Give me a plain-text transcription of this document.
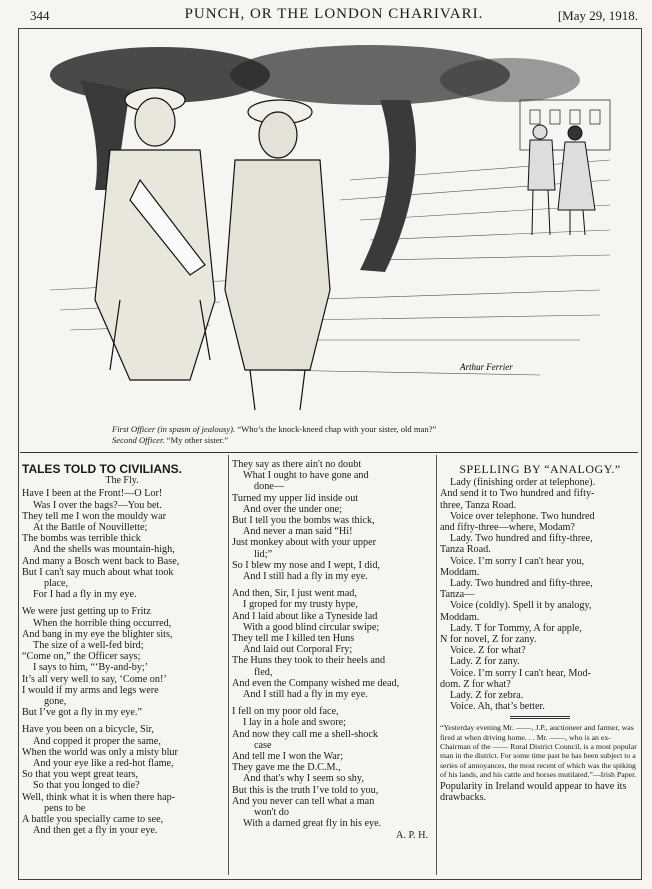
344	PUNCH, OR THE LONDON CHARIVARI.	[May 29, 1918.
Arthur Ferrier
First Officer (in spasm of jealousy). “Who’s the knock-kneed chap with your sister, old man?”
Second Officer. “My other sister.”

TALES TOLD TO CIVILIANS.

The Fly.

Have I been at the Front!—O Lor!

Was I over the bags?—You bet.

They tell me I won the mouldy war

At the Battle of Nouvillette;

The bombs was terrible thick

And the shells was mountain-high,

And many a Bosch went back to Base,

But I can't say much about what took

place,

For I had a fly in my eye.

We were just getting up to Fritz

When the horrible thing occurred,

And bang in my eye the blighter sits,

The size of a well-fed bird;

“Come on,” the Officer says;

I says to him, “‘By-and-by;’

It’s all very well to say, ‘Come on!’

I would if my arms and legs were

gone,

But I’ve got a fly in my eye.”

Have you been on a bicycle, Sir,

And copped it proper the same,

When the world was only a misty blur

And your eye like a red-hot flame,

So that you wept great tears,

So that you longed to die?

Well, think what it is when there hap-

pens to be

A battle you specially came to see,

And then get a fly in your eye.

They say as there ain't no doubt

What I ought to have gone and

done—

Turned my upper lid inside out

And over the under one;

But I tell you the bombs was thick,

And never a man said “Hi!

Just monkey about with your upper

lid;”

So I blew my nose and I wept, I did,

And I still had a fly in my eye.

And then, Sir, I just went mad,

I groped for my trusty hype,

And I laid about like a Tyneside lad

With a good blind circular swipe;

They tell me I killed ten Huns

And laid out Corporal Fry;

The Huns they took to their heels and

fled,

And even the Company wished me dead,

And I still had a fly in my eye.

I fell on my poor old face,

I lay in a hole and swore;

And now they call me a shell-shock

case

And tell me I won the War;

They gave me the D.C.M.,

And that's why I seem so shy,

But this is the truth I’ve told to you,

And you never can tell what a man

won't do

With a darned great fly in his eye.

A. P. H.

SPELLING BY “ANALOGY.”

Lady (finishing order at telephone).

And send it to Two hundred and fifty-

three, Tanza Road.

Voice over telephone. Two hundred

and fifty-three—where, Modam?

Lady. Two hundred and fifty-three,

Tanza Road.

Voice. I’m sorry I can't hear you,

Moddam.

Lady. Two hundred and fifty-three,

Tanza—

Voice (coldly). Spell it by analogy,

Moddam.

Lady. T for Tommy, A for apple,

N for novel, Z for zany.

Voice. Z for what?

Lady. Z for zany.

Voice. I’m sorry I can't hear, Mod-

dom. Z for what?

Lady. Z for zebra.

Voice. Ah, that’s better.

“Yesterday evening Mr. ——, J.P., auctioneer and farmer, was fired at when driving home. . . Mr. ——, who is an ex-Chairman of the —— Rural District Council, is a most popular man in the district. For some time past he has been subject to a series of annoyances, the most recent of which was the spiking of his lands, and his cattle and horses mutilated.”—Irish Paper.

Popularity in Ireland would appear to have its drawbacks.
